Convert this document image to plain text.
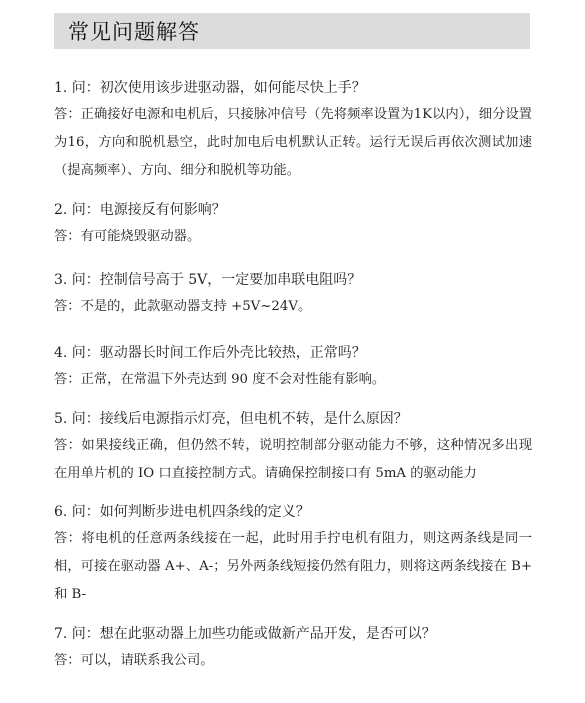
常见问题解答
1. 问：初次使用该步进驱动器，如何能尽快上手？
答：正确接好电源和电机后，只接脉冲信号（先将频率设置为1K以内），细分设置为16，方向和脱机悬空，此时加电后电机默认正转。运行无误后再依次测试加速（提高频率）、方向、细分和脱机等功能。
2. 问：电源接反有何影响？
答：有可能烧毁驱动器。
3. 问：控制信号高于 5V，一定要加串联电阻吗？
答：不是的，此款驱动器支持 +5V~24V。
4. 问：驱动器长时间工作后外壳比较热，正常吗？
答：正常，在常温下外壳达到 90 度不会对性能有影响。
5. 问：接线后电源指示灯亮，但电机不转，是什么原因？
答：如果接线正确，但仍然不转，说明控制部分驱动能力不够，这种情况多出现在用单片机的 IO 口直接控制方式。请确保控制接口有 5mA 的驱动能力
6. 问：如何判断步进电机四条线的定义？
答：将电机的任意两条线接在一起，此时用手拧电机有阻力，则这两条线是同一相，可接在驱动器 A+、A-；另外两条线短接仍然有阻力，则将这两条线接在 B+ 和 B-
7. 问：想在此驱动器上加些功能或做新产品开发，是否可以？
答：可以，请联系我公司。
